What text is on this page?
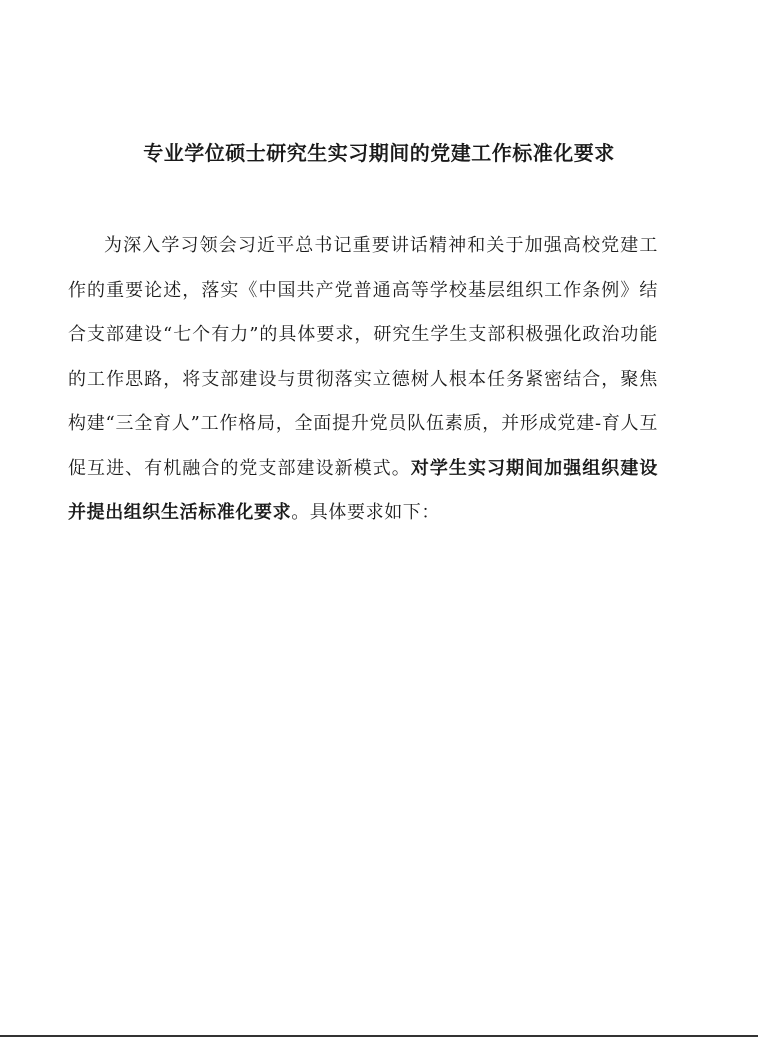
专业学位硕士研究生实习期间的党建工作标准化要求

为深入学习领会习近平总书记重要讲话精神和关于加强高校党建工作的重要论述，落实《中国共产党普通高等学校基层组织工作条例》结合支部建设“七个有力”的具体要求，研究生学生支部积极强化政治功能的工作思路，将支部建设与贯彻落实立德树人根本任务紧密结合，聚焦构建“三全育人”工作格局，全面提升党员队伍素质，并形成党建-育人互促互进、有机融合的党支部建设新模式。对学生实习期间加强组织建设并提出组织生活标准化要求。具体要求如下：
